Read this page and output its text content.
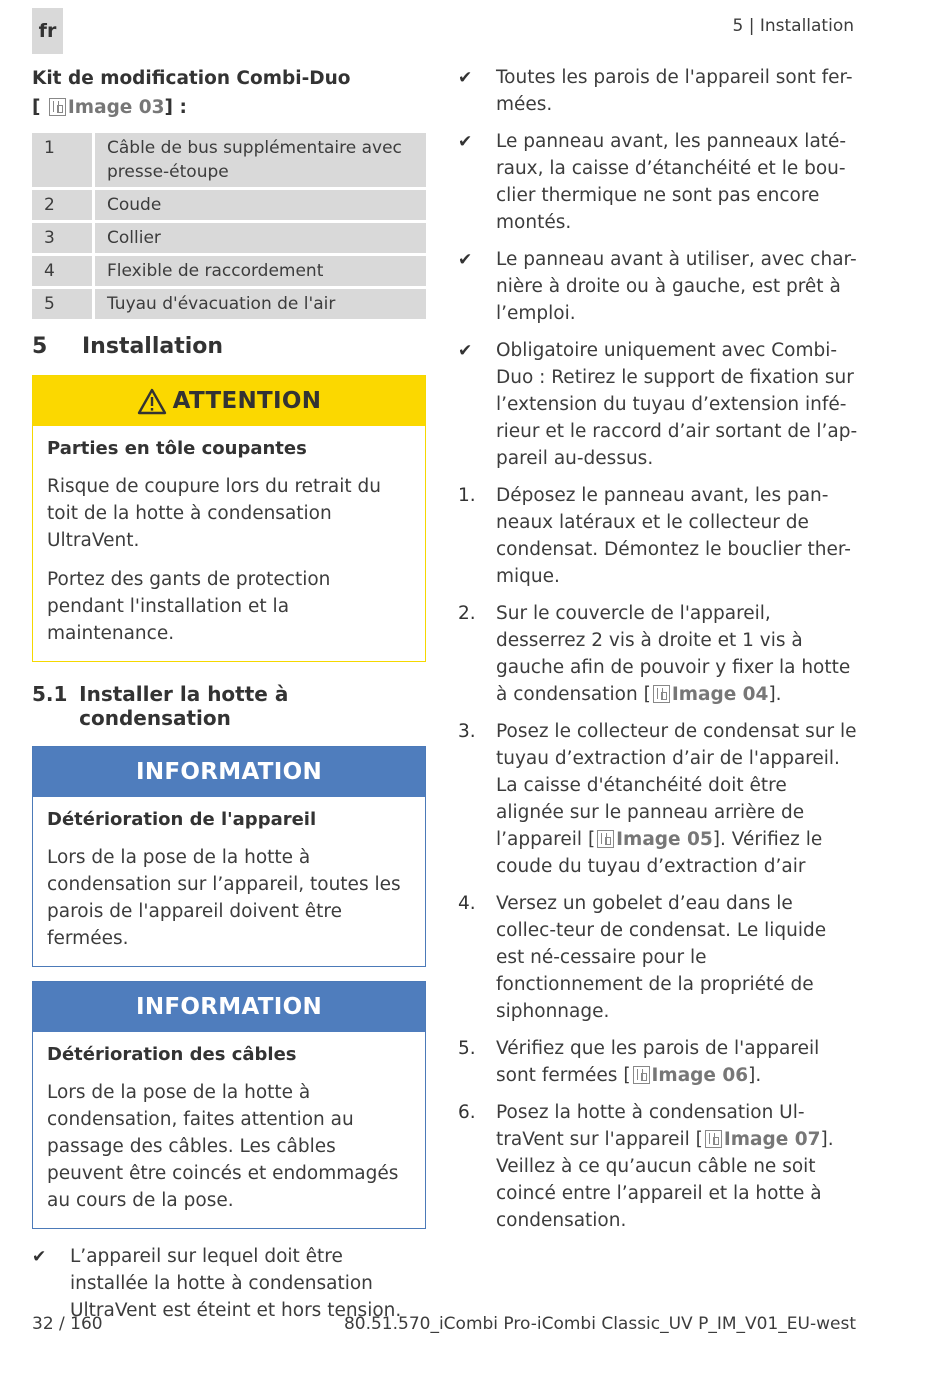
fr	5 | Installation

Kit de modification Combi-Duo

[ Image 03] :

1	Câble de bus supplémentaire avec presse-étoupe
2	Coude
3	Collier
4	Flexible de raccordement
5	Tuyau d'évacuation de l'air
5	Installation
ATTENTION
Parties en tôle coupantes

Risque de coupure lors du retrait du toit de la hotte à condensation UltraVent.

Portez des gants de protection pendant l'installation et la maintenance.

5.1 Installer la hotte à condensation
INFORMATION
Détérioration de l'appareil

Lors de la pose de la hotte à condensation sur l’appareil, toutes les parois de l'appareil doivent être fermées.

INFORMATION
Détérioration des câbles

Lors de la pose de la hotte à condensation, faites attention au passage des câbles. Les câbles peuvent être coincés et endommagés au cours de la pose.

✔
L’appareil sur lequel doit être installée la hotte à condensation UltraVent est éteint et hors tension.
✔
Toutes les parois de l'appareil sont fer-mées.
✔
Le panneau avant, les panneaux laté-raux, la caisse d’étanchéité et le bou-clier thermique ne sont pas encore montés.
✔
Le panneau avant à utiliser, avec char-nière à droite ou à gauche, est prêt à l’emploi.
✔
Obligatoire uniquement avec Combi-Duo : Retirez le support de fixation sur l’extension du tuyau d’extension infé-rieur et le raccord d’air sortant de l’ap-pareil au-dessus.
1.	Déposez le panneau avant, les pan-neaux latéraux et le collecteur de condensat. Démontez le bouclier ther-mique.
2.	Sur le couvercle de l'appareil, desserrez 2 vis à droite et 1 vis à gauche afin de pouvoir y fixer la hotte à condensation [ Image 04].
3.	Posez le collecteur de condensat sur le tuyau d’extraction d’air de l'appareil. La caisse d'étanchéité doit être alignée sur le panneau arrière de l’appareil [ Image 05]. Vérifiez le coude du tuyau d’extraction d’air
4.	Versez un gobelet d’eau dans le collec-teur de condensat. Le liquide est né-cessaire pour le fonctionnement de la propriété de siphonnage.
5.	Vérifiez que les parois de l'appareil sont fermées [ Image 06].
6.	Posez la hotte à condensation Ul-traVent sur l'appareil [ Image 07]. Veillez à ce qu’aucun câble ne soit coincé entre l’appareil et la hotte à condensation.
32 / 160	80.51.570_iCombi Pro-iCombi Classic_UV P_IM_V01_EU-west
